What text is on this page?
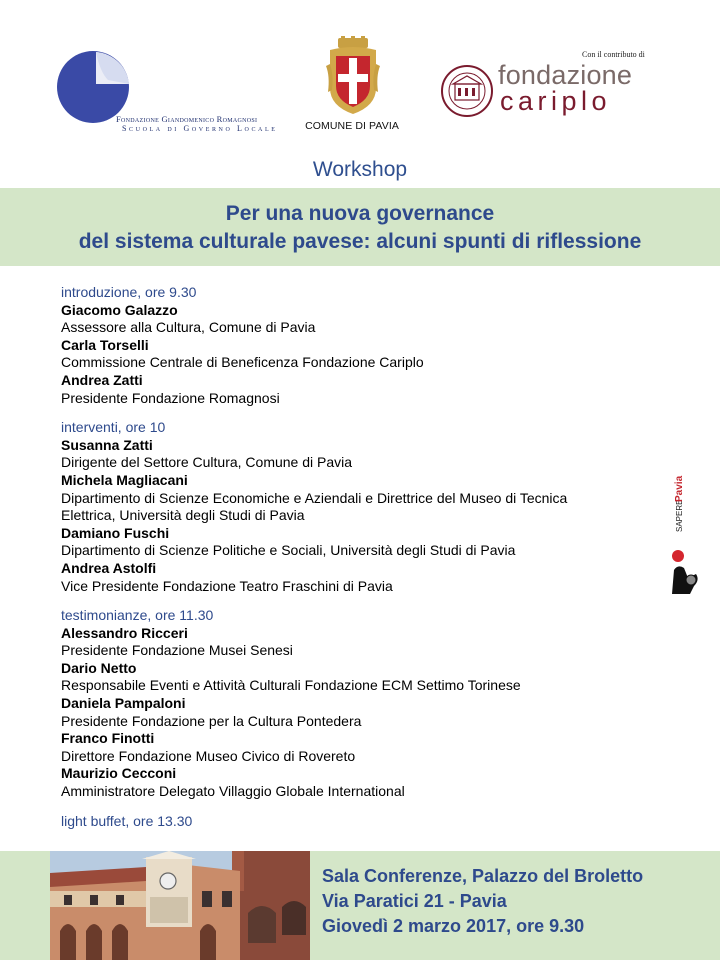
Fondazione Giandomenico Romagnosi
Scuola di Governo Locale	COMUNE DI PAVIA
Con il contributo di
fondazione
cariplo
Workshop
Per una nuova governance
del sistema culturale pavese: alcuni spunti di riflessione
introduzione, ore 9.30
Giacomo Galazzo
Assessore alla Cultura, Comune di Pavia
Carla Torselli
Commissione Centrale di Beneficenza Fondazione Cariplo
Andrea Zatti
Presidente Fondazione Romagnosi
interventi, ore 10
Susanna Zatti
Dirigente del Settore Cultura, Comune di Pavia
Michela Magliacani
Dipartimento di Scienze Economiche e Aziendali e Direttrice del Museo di Tecnica
Elettrica, Università degli Studi di Pavia
Damiano Fuschi
Dipartimento di Scienze Politiche e Sociali, Università degli Studi di Pavia
Andrea Astolfi
Vice Presidente Fondazione Teatro Fraschini di Pavia
testimonianze, ore 11.30
Alessandro Ricceri
Presidente Fondazione Musei Senesi
Dario Netto
Responsabile Eventi e Attività Culturali Fondazione ECM Settimo Torinese
Daniela Pampaloni
Presidente Fondazione per la Cultura Pontedera
Franco Finotti
Direttore Fondazione Museo Civico di Rovereto
Maurizio Cecconi
Amministratore Delegato Villaggio Globale International
light buffet, ore 13.30
SAPERE
Pavia
Sala Conferenze, Palazzo del Broletto
Via Paratici 21 - Pavia
Giovedì 2 marzo 2017, ore 9.30
